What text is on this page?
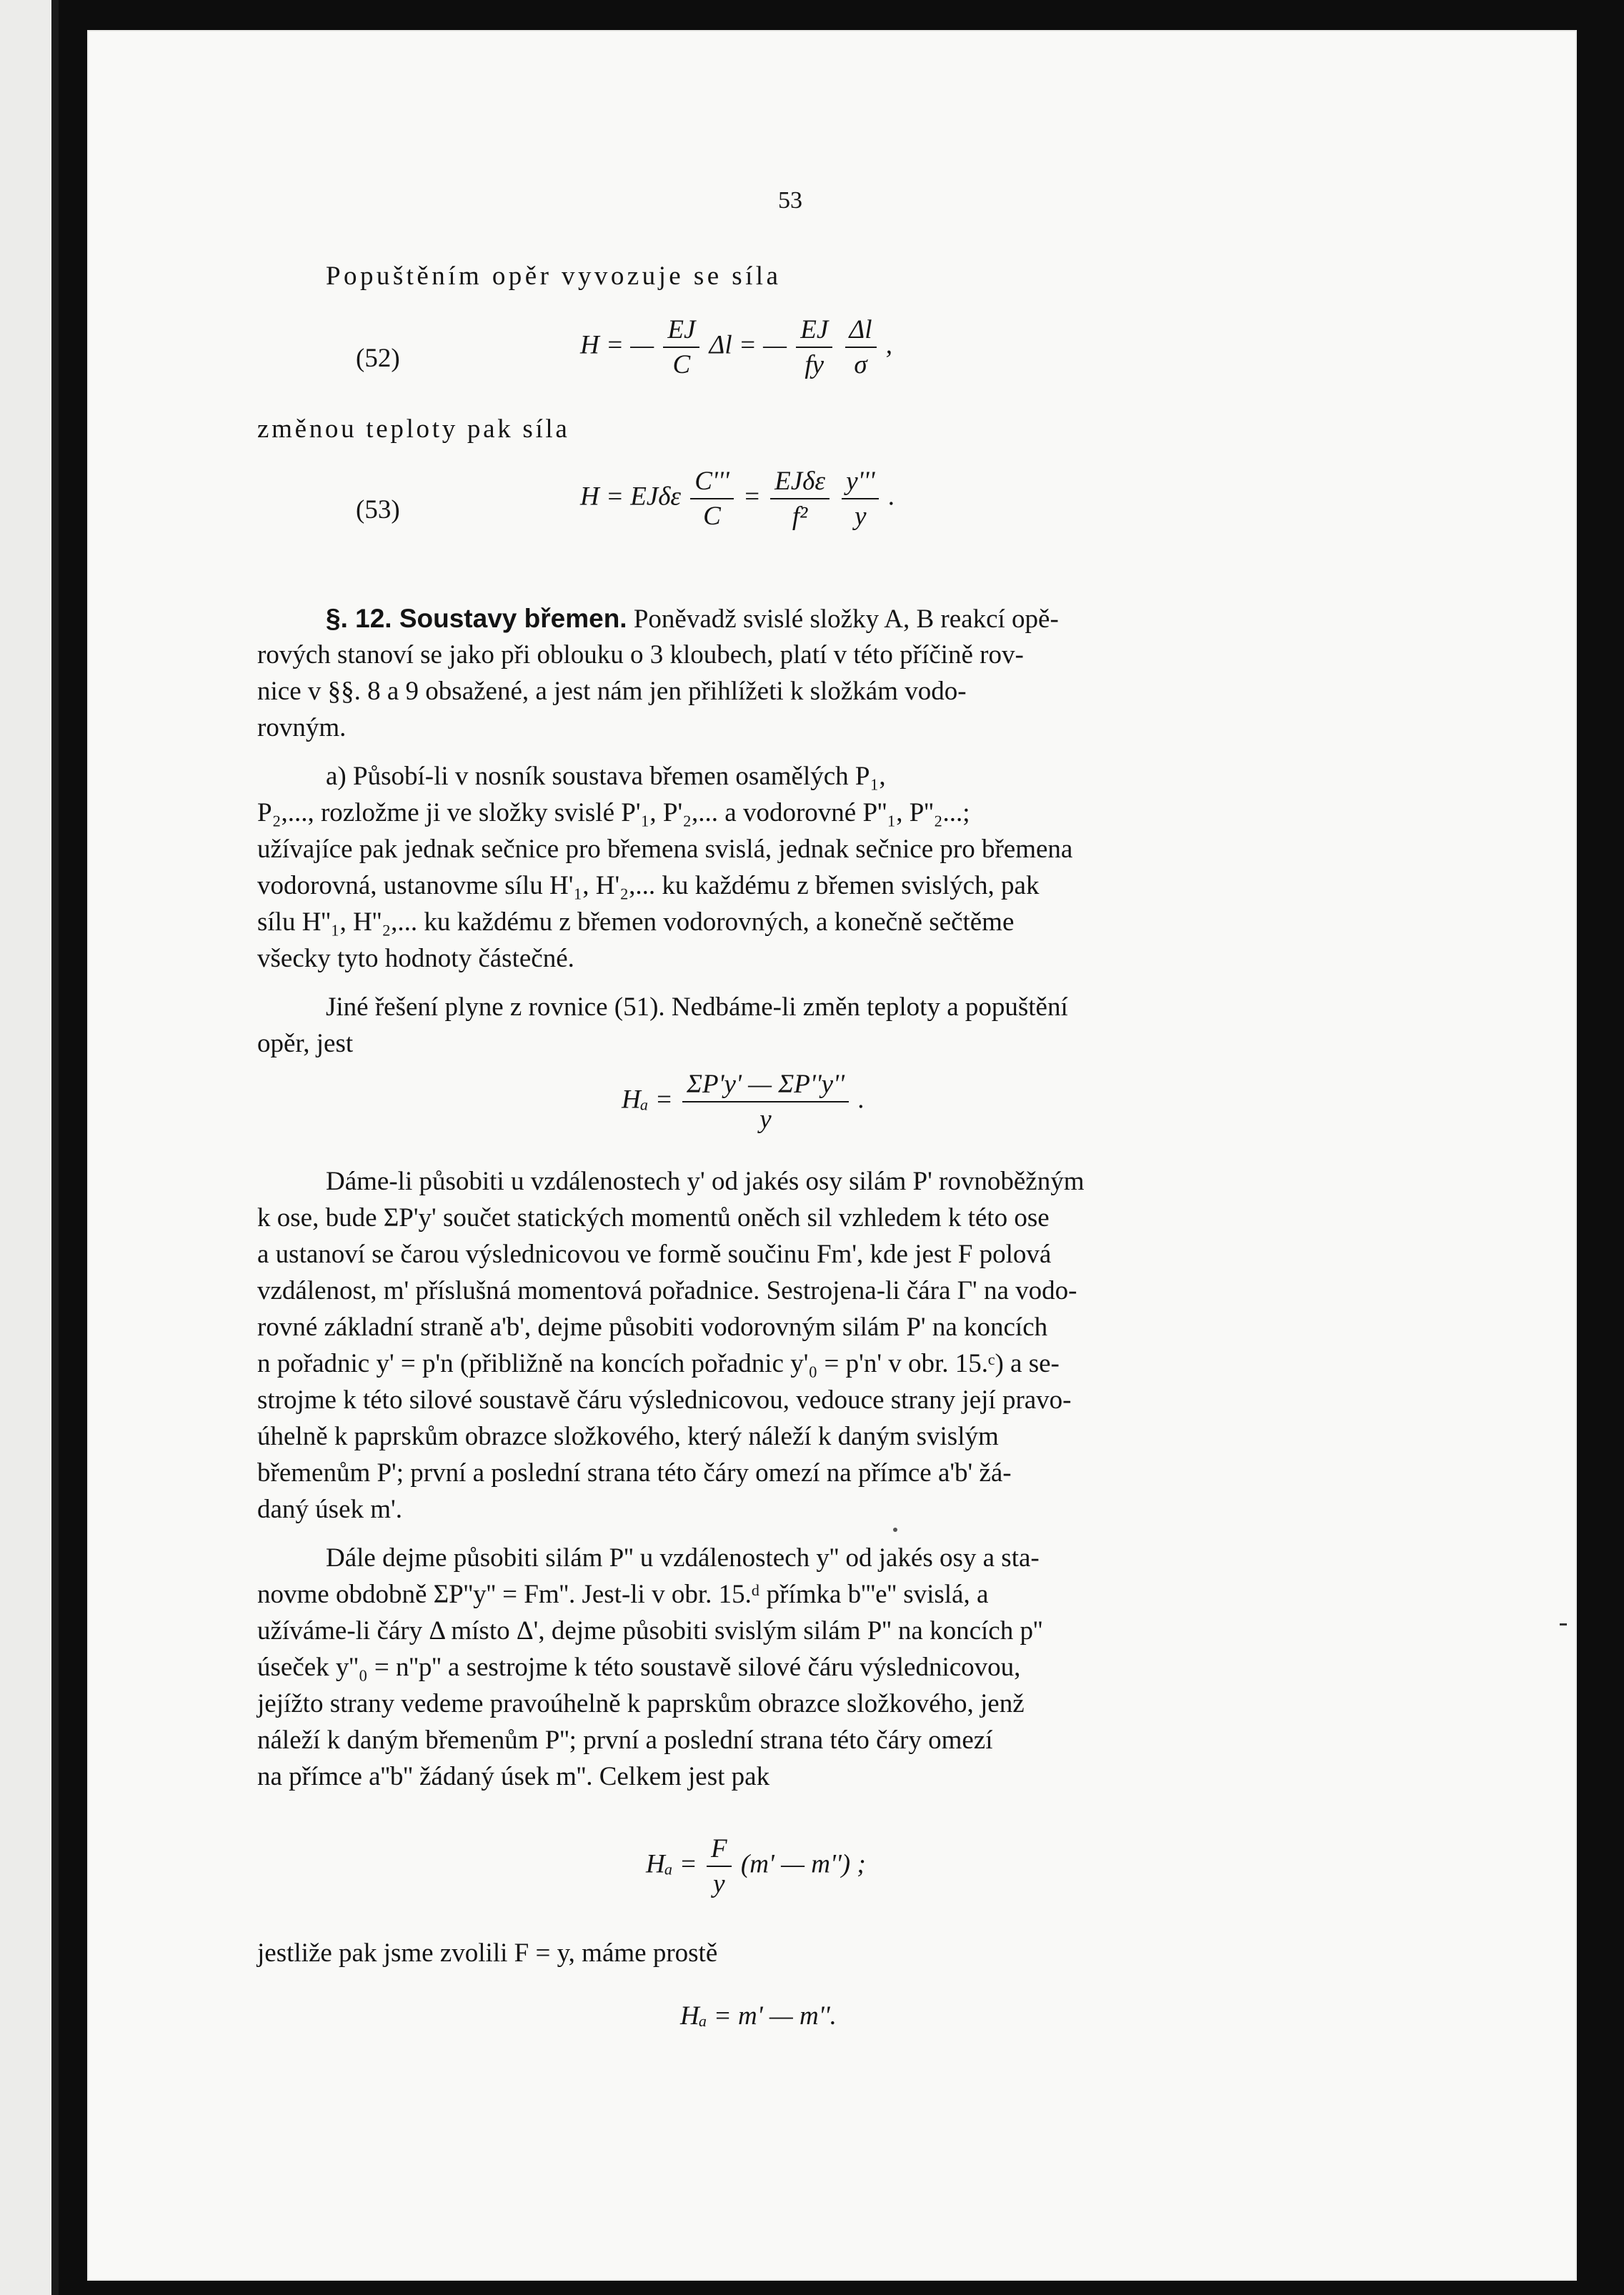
53
Popuštěním opěr vyvozuje se síla
(52)	H = — $\frac{EJ}{C}$ Δl = — $\frac{EJ}{fy}$
$\frac{\Delta l}{\sigma}$ ,
změnou teploty pak síla
(53)	H = EJδε $\frac{C'''}{C} = \frac{\text{EJδε}}{\text{f²}}$
$\frac{y'''}{y}$ .
§. 12. Soustavy břemen. Poněvadž svislé složky A, B reakcí opě-
rových stanoví se jako při oblouku o 3 kloubech, platí v této příčině rov-
nice v §§. 8 a 9 obsažené, a jest nám jen přihlížeti k složkám vodo-
rovným.
a) Působí-li v nosník soustava břemen osamělých P₁,
P₂,..., rozložme ji ve složky svislé P'₁, P'₂,... a vodorovné P''₁, P''₂...;
užívajíce pak jednak sečnice pro břemena svislá, jednak sečnice pro břemena
vodorovná, ustanovme sílu H'₁, H'₂,... ku každému z břemen svislých, pak
sílu H''₁, H''₂,... ku každému z břemen vodorovných, a konečně sečtěme
všecky tyto hodnoty částečné.
Jiné řešení plyne z rovnice (51). Nedbáme-li změn teploty a popuštění
opěr, jest
$H_a = \frac{\Sigma P'y' — \Sigma P''y''}{y}$ .
Dáme-li působiti u vzdálenostech y' od jakés osy silám P' rovnoběžným
k ose, bude ΣP'y' součet statických momentů oněch sil vzhledem k této ose
a ustanoví se čarou výslednicovou ve formě součinu Fm', kde jest F polová
vzdálenost, m' příslušná momentová pořadnice. Sestrojena-li čára Γ' na vodo-
rovné základní straně a'b', dejme působiti vodorovným silám P' na koncích
n pořadnic y' = p'n (přibližně na koncích pořadnic y'₀ = p'n' v obr. 15.ᶜ) a se-
strojme k této silové soustavě čáru výslednicovou, vedouce strany její pravo-
úhelně k paprskům obrazce složkového, který náleží k daným svislým
břemenům P'; první a poslední strana této čáry omezí na přímce a'b' žá-
daný úsek m'.
Dále dejme působiti silám P'' u vzdálenostech y'' od jakés osy a sta-
novme obdobně ΣP''y'' = Fm''. Jest-li v obr. 15.ᵈ přímka b'''e'' svislá, a
užíváme-li čáry Δ místo Δ', dejme působiti svislým silám P'' na koncích p''
úseček y''₀ = n''p'' a sestrojme k této soustavě silové čáru výslednicovou,
jejížto strany vedeme pravoúhelně k paprskům obrazce složkového, jenž
náleží k daným břemenům P''; první a poslední strana této čáry omezí
na přímce a''b'' žádaný úsek m''. Celkem jest pak
$H_a = \frac{F}{y} (m'$ — m'') ;
jestliže pak jsme zvolili F = y, máme prostě
Hₐ = m' — m''.
